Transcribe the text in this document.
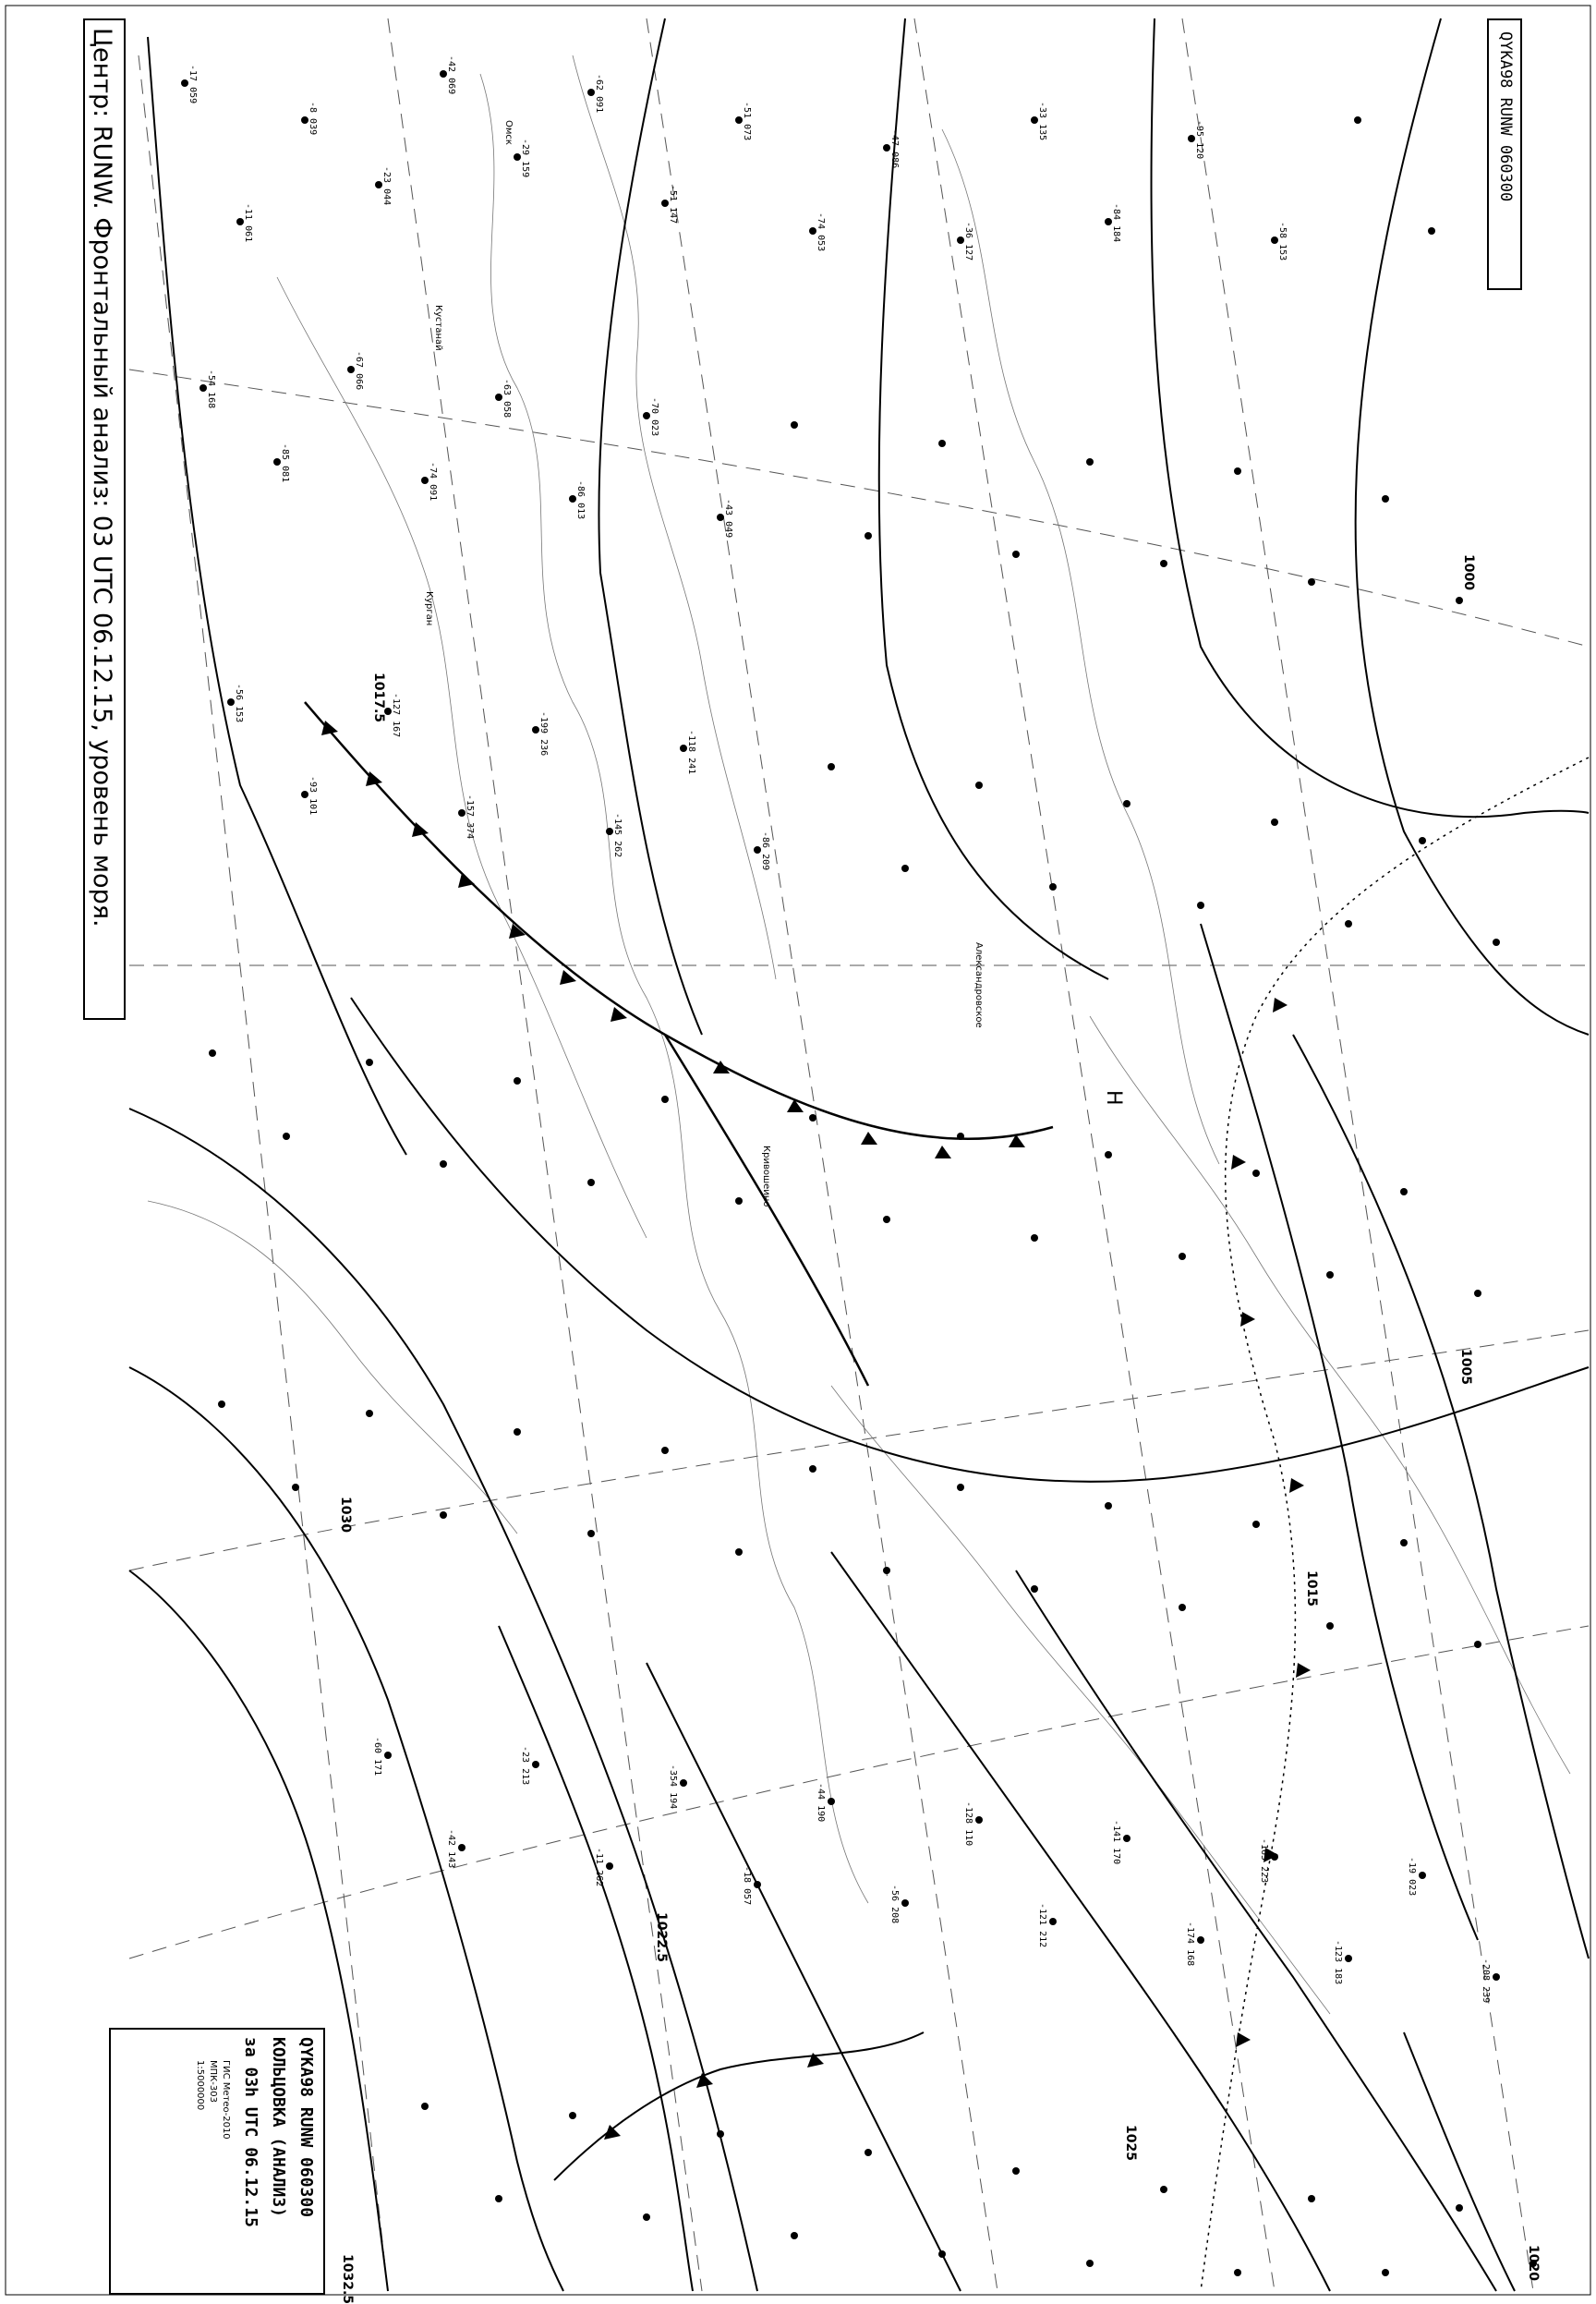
Центр: RUNW. Фронтальный анализ: 03 UTC 06.12.15, уровень моря.	QYKA98 RUNW 060300
1000
1005
1015
1017.5
1020
1022.5
1025
1030
1032.5
H
Омск
Кустанай
Курган
Александровское
Кривошеино
-17 059
-11 061
-8 039
-23 044
-42 069
-29 159
-62 091
-51 147
-51 073
-74 053
-47 086
-36 127
-33 135
-84 184
-95 120
-58 153
-54 168
-85 081
-67 066
-74 091
-63 058
-86 013
-70 023
-43 049
-56 153
-93 101
-127 167
-157 374
-199 236
-145 262
-118 241
-86 209
-60 171
-42 143
-23 213
-11 262
-354 194
-18 057
-44 190
-56 208
-128 110
-121 212
-141 170
-174 168
-165 223
-123 183
-19 023
-208 239
QYKA98 RUNW 060300
КОЛЬЦОВКА (АНАЛИЗ)
за 03h UTC 06.12.15
ГИС Метео-2010
МПК-303
1:5000000
